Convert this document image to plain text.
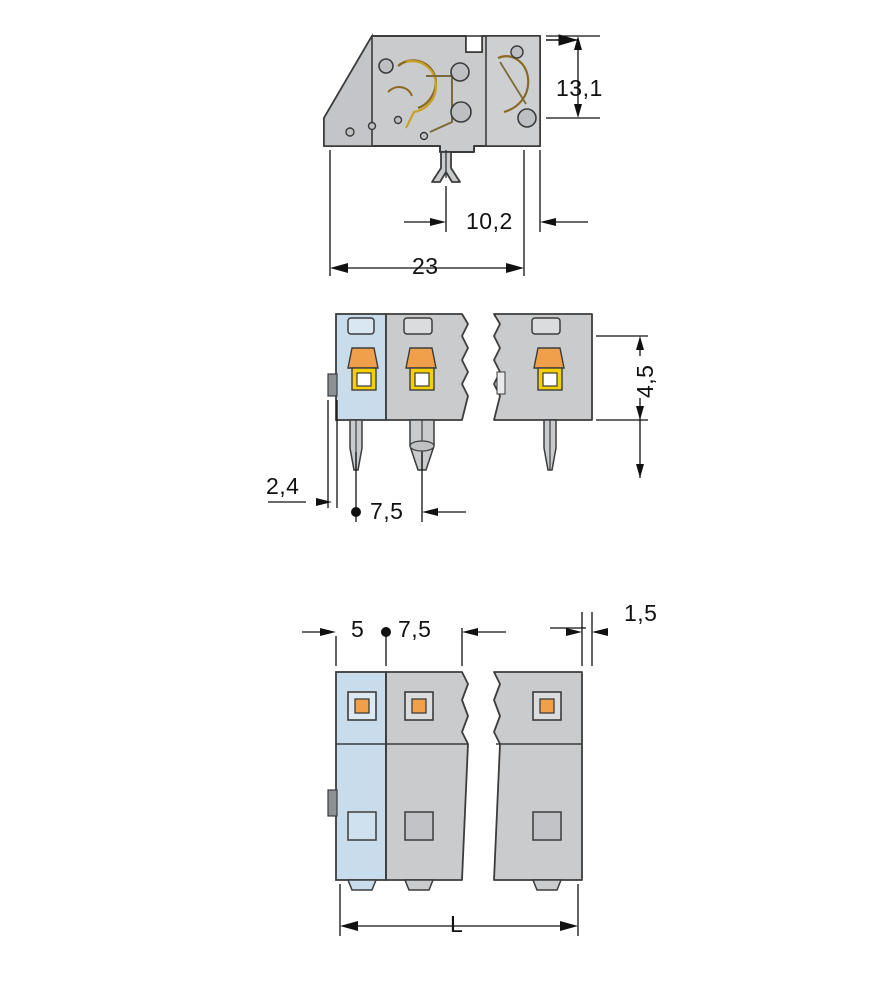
13,1
10,2
23
4,5
2,4
7,5
5 7,5
1,5
L
